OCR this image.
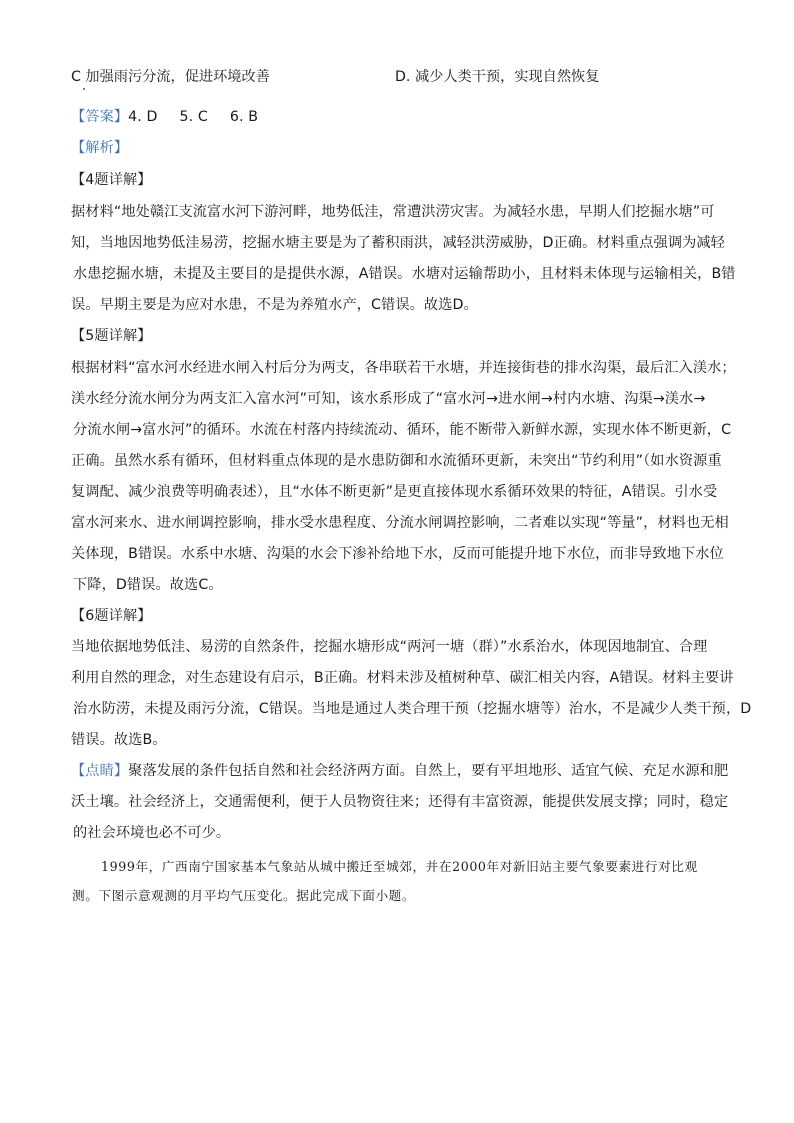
C 加强雨污分流，促进环境改善	D. 减少人类干预，实现自然恢复
【答案】4. D 5. C 6. B
【解析】
【4题详解】
据材料“地处赣江支流富水河下游河畔，地势低洼，常遭洪涝灾害。为减轻水患，早期人们挖掘水塘”可
知，当地因地势低洼易涝，挖掘水塘主要是为了蓄积雨洪，减轻洪涝威胁，D正确。材料重点强调为减轻
水患挖掘水塘，未提及主要目的是提供水源，A错误。水塘对运输帮助小，且材料未体现与运输相关，B错
误。早期主要是为应对水患，不是为养殖水产，C错误。故选D。
【5题详解】
根据材料“富水河水经进水闸入村后分为两支，各串联若干水塘，并连接街巷的排水沟渠，最后汇入渼水；
渼水经分流水闸分为两支汇入富水河”可知，该水系形成了“富水河→进水闸→村内水塘、沟渠→渼水→
分流水闸→富水河”的循环。水流在村落内持续流动、循环，能不断带入新鲜水源，实现水体不断更新，C
正确。虽然水系有循环，但材料重点体现的是水患防御和水流循环更新，未突出“节约利用”（如水资源重
复调配、减少浪费等明确表述），且“水体不断更新”是更直接体现水系循环效果的特征，A错误。引水受
富水河来水、进水闸调控影响，排水受水患程度、分流水闸调控影响，二者难以实现“等量”，材料也无相
关体现，B错误。水系中水塘、沟渠的水会下渗补给地下水，反而可能提升地下水位，而非导致地下水位
下降，D错误。故选C。
【6题详解】
当地依据地势低洼、易涝的自然条件，挖掘水塘形成“两河一塘（群）”水系治水，体现因地制宜、合理
利用自然的理念，对生态建设有启示，B正确。材料未涉及植树种草、碳汇相关内容，A错误。材料主要讲
治水防涝，未提及雨污分流，C错误。当地是通过人类合理干预（挖掘水塘等）治水，不是减少人类干预，D
错误。故选B。
【点睛】聚落发展的条件包括自然和社会经济两方面。自然上，要有平坦地形、适宜气候、充足水源和肥
沃土壤。社会经济上，交通需便利，便于人员物资往来；还得有丰富资源，能提供发展支撑；同时，稳定
的社会环境也必不可少。
1999年，广西南宁国家基本气象站从城中搬迁至城郊，并在2000年对新旧站主要气象要素进行对比观
测。下图示意观测的月平均气压变化。据此完成下面小题。
